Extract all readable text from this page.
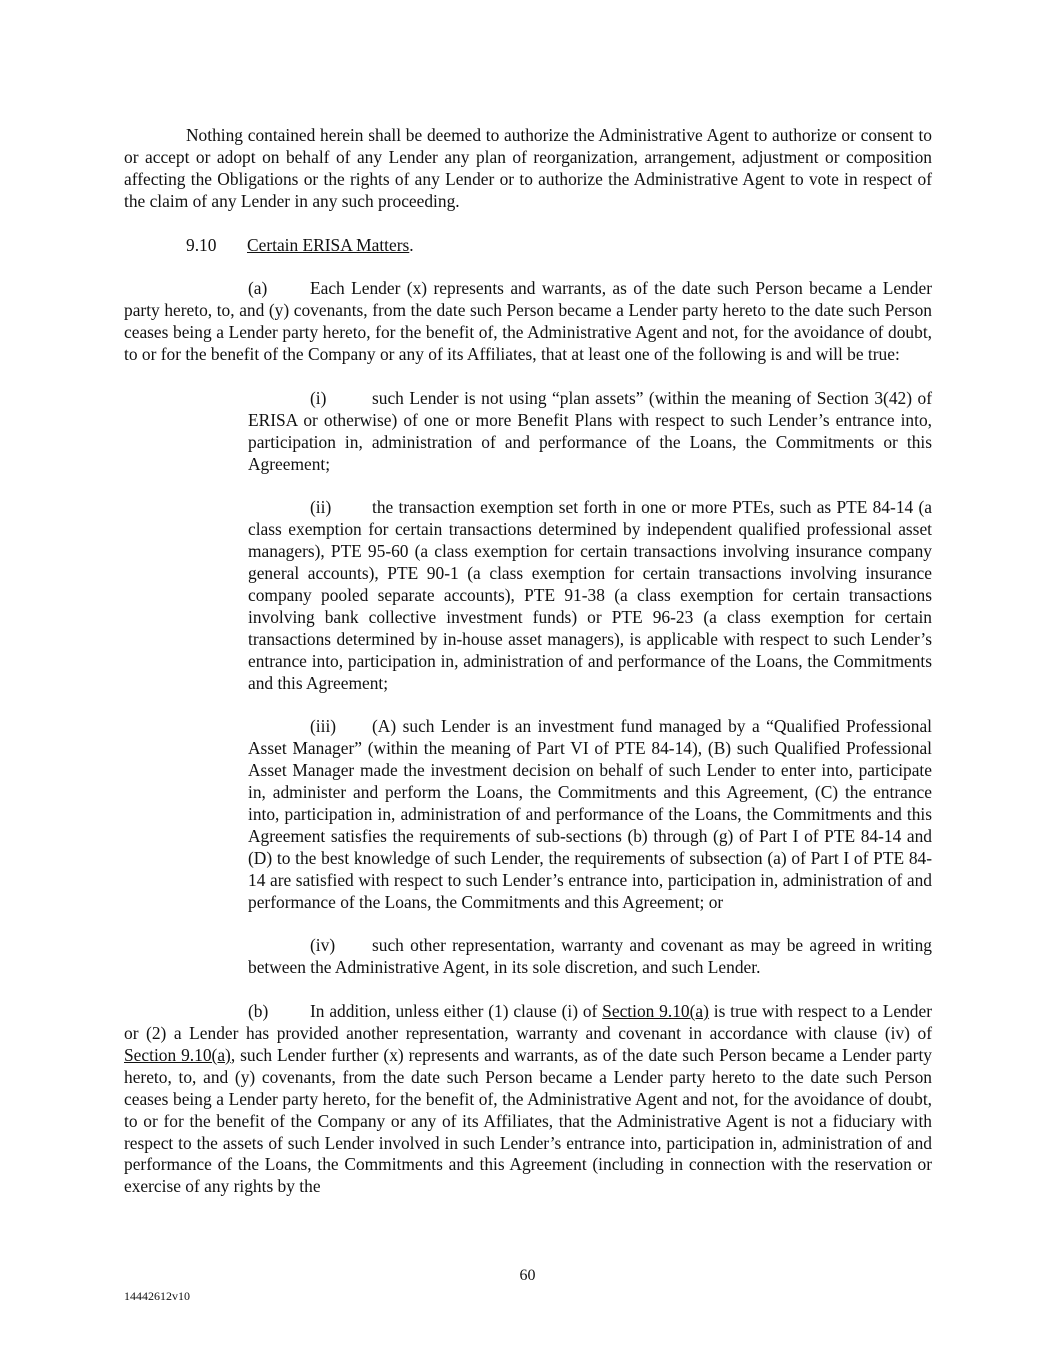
Nothing contained herein shall be deemed to authorize the Administrative Agent to authorize or consent to or accept or adopt on behalf of any Lender any plan of reorganization, arrangement, adjustment or composition affecting the Obligations or the rights of any Lender or to authorize the Administrative Agent to vote in respect of the claim of any Lender in any such proceeding.

9.10 Certain ERISA Matters.

(a) Each Lender (x) represents and warrants, as of the date such Person became a Lender party hereto, to, and (y) covenants, from the date such Person became a Lender party hereto to the date such Person ceases being a Lender party hereto, for the benefit of, the Administrative Agent and not, for the avoidance of doubt, to or for the benefit of the Company or any of its Affiliates, that at least one of the following is and will be true:

(i)	such Lender is not using “plan assets” (within the meaning of Section 3(42) of ERISA or otherwise) of one or more Benefit Plans with respect to such Lender’s entrance into, participation in, administration of and performance of the Loans, the Commitments or this Agreement;

(ii) the transaction exemption set forth in one or more PTEs, such as PTE 84-14 (a class exemption for certain transactions determined by independent qualified professional asset managers), PTE 95-60 (a class exemption for certain transactions involving insurance company general accounts), PTE 90-1 (a class exemption for certain transactions involving insurance company pooled separate accounts), PTE 91-38 (a class exemption for certain transactions involving bank collective investment funds) or PTE 96-23 (a class exemption for certain transactions determined by in-house asset managers), is applicable with respect to such Lender’s entrance into, participation in, administration of and performance of the Loans, the Commitments and this Agreement;

(iii) (A) such Lender is an investment fund managed by a “Qualified Professional Asset Manager” (within the meaning of Part VI of PTE 84-14), (B) such Qualified Professional Asset Manager made the investment decision on behalf of such Lender to enter into, participate in, administer and perform the Loans, the Commitments and this Agreement, (C) the entrance into, participation in, administration of and performance of the Loans, the Commitments and this Agreement satisfies the requirements of sub-sections (b) through (g) of Part I of PTE 84-14 and (D) to the best knowledge of such Lender, the requirements of subsection (a) of Part I of PTE 84-14 are satisfied with respect to such Lender’s entrance into, participation in, administration of and performance of the Loans, the Commitments and this Agreement; or

(iv) such other representation, warranty and covenant as may be agreed in writing between the Administrative Agent, in its sole discretion, and such Lender.

(b) In addition, unless either (1) clause (i) of Section 9.10(a) is true with respect to a Lender or (2) a Lender has provided another representation, warranty and covenant in accordance with clause (iv) of Section 9.10(a), such Lender further (x) represents and warrants, as of the date such Person became a Lender party hereto, to, and (y) covenants, from the date such Person became a Lender party hereto to the date such Person ceases being a Lender party hereto, for the benefit of, the Administrative Agent and not, for the avoidance of doubt, to or for the benefit of the Company or any of its Affiliates, that the Administrative Agent is not a fiduciary with respect to the assets of such Lender involved in such Lender’s entrance into, participation in, administration of and performance of the Loans, the Commitments and this Agreement (including in connection with the reservation or exercise of any rights by the

60
14442612v10
